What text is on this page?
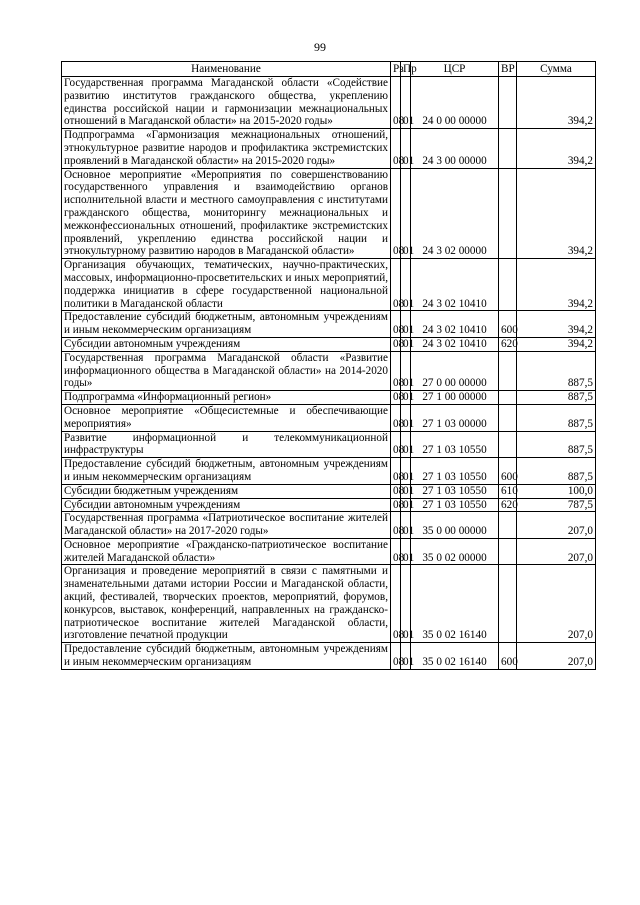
99
Наименование	Рз	Пр	ЦСР	ВР	Сумма
Государственная программа Магаданской области «Содействие развитию институтов гражданского общества, укреплению единства российской нации и гармонизации межнациональных отношений в Магаданской области» на 2015-2020 годы»	08	01	24 0 00 00000		394,2
Подпрограмма «Гармонизация межнациональных отношений, этнокультурное развитие народов и профилактика экстремистских проявлений в Магаданской области» на 2015-2020 годы»	08	01	24 3 00 00000		394,2
Основное мероприятие «Мероприятия по совершенствованию государственного управления и взаимодействию органов исполнительной власти и местного самоуправления с институтами гражданского общества, мониторингу межнациональных и межконфессиональных отношений, профилактике экстремистских проявлений, укреплению единства российской нации и этнокультурному развитию народов в Магаданской области»	08	01	24 3 02 00000		394,2
Организация обучающих, тематических, научно-практических, массовых, информационно-просветительских и иных мероприятий, поддержка инициатив в сфере государственной национальной политики в Магаданской области	08	01	24 3 02 10410		394,2
Предоставление субсидий бюджетным, автономным учреждениям и иным некоммерческим организациям	08	01	24 3 02 10410	600	394,2
Субсидии автономным учреждениям	08	01	24 3 02 10410	620	394,2
Государственная программа Магаданской области «Развитие информационного общества в Магаданской области» на 2014-2020 годы»	08	01	27 0 00 00000		887,5
Подпрограмма «Информационный регион»	08	01	27 1 00 00000		887,5
Основное мероприятие «Общесистемные и обеспечивающие мероприятия»	08	01	27 1 03 00000		887,5
Развитие информационной и телекоммуникационной инфраструктуры	08	01	27 1 03 10550		887,5
Предоставление субсидий бюджетным, автономным учреждениям и иным некоммерческим организациям	08	01	27 1 03 10550	600	887,5
Субсидии бюджетным учреждениям	08	01	27 1 03 10550	610	100,0
Субсидии автономным учреждениям	08	01	27 1 03 10550	620	787,5
Государственная программа «Патриотическое воспитание жителей Магаданской области» на 2017-2020 годы»	08	01	35 0 00 00000		207,0
Основное мероприятие «Гражданско-патриотическое воспитание жителей Магаданской области»	08	01	35 0 02 00000		207,0
Организация и проведение мероприятий в связи с памятными и знаменательными датами истории России и Магаданской области, акций, фестивалей, творческих проектов, мероприятий, форумов, конкурсов, выставок, конференций, направленных на гражданско-патриотическое воспитание жителей Магаданской области, изготовление печатной продукции	08	01	35 0 02 16140		207,0
Предоставление субсидий бюджетным, автономным учреждениям и иным некоммерческим организациям	08	01	35 0 02 16140	600	207,0
